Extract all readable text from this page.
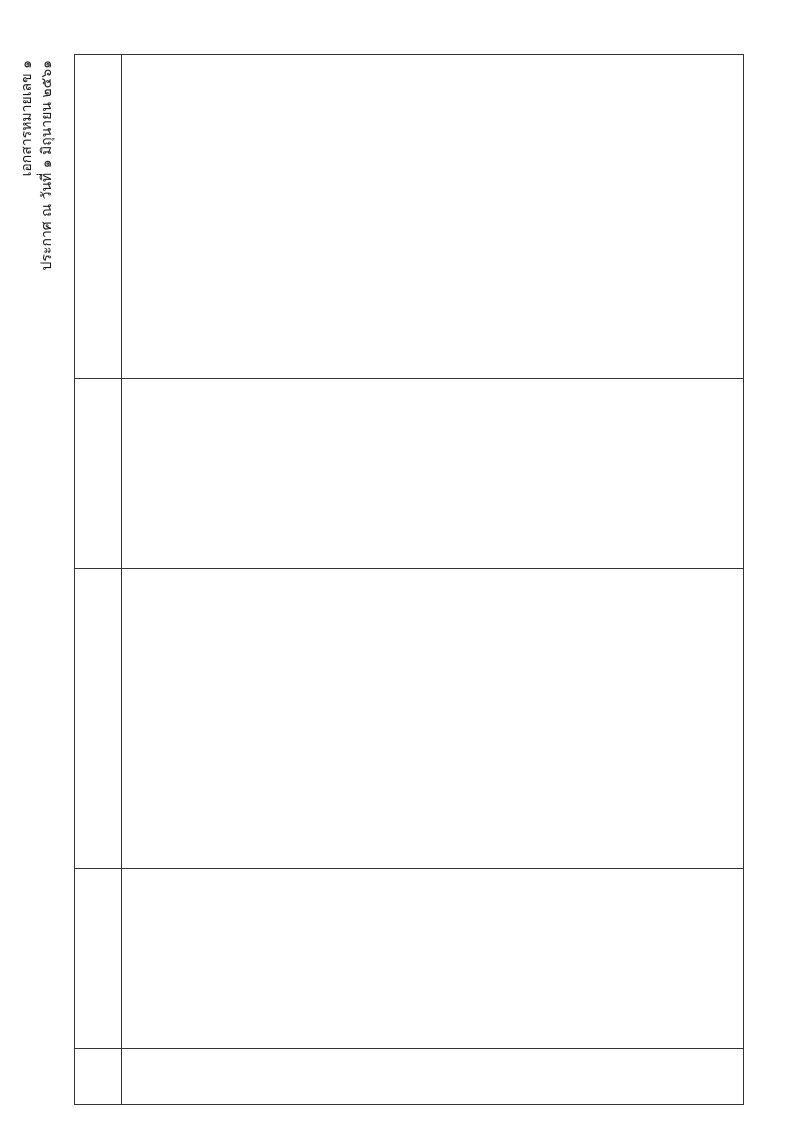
เอกสารหมายเลข ๑ ประกาศ ณ วันที่ ๑ มิถุนายน ๒๕๖๑
